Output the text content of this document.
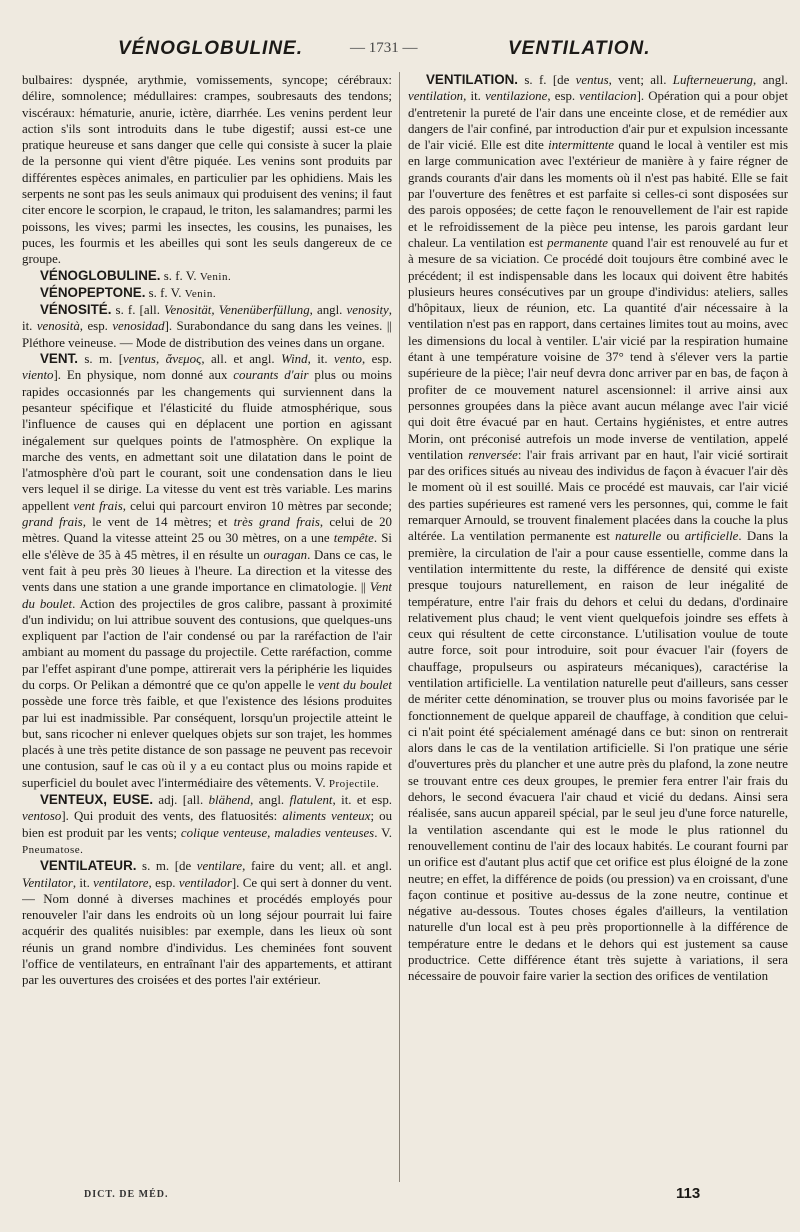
VÉNOGLOBULINE.	— 1731 —	VENTILATION.

bulbaires: dyspnée, arythmie, vomissements, syncope; cérébraux: délire, somnolence; médullaires: crampes, soubresauts des tendons; viscéraux: hématurie, anurie, ictère, diarrhée. Les venins perdent leur action s'ils sont introduits dans le tube digestif; aussi est-ce une pratique heureuse et sans danger que celle qui consiste à sucer la plaie de la personne qui vient d'être piquée. Les venins sont produits par différentes espèces animales, en particulier par les ophidiens. Mais les serpents ne sont pas les seuls animaux qui produisent des venins; il faut citer encore le scorpion, le crapaud, le triton, les salamandres; parmi les poissons, les vives; parmi les insectes, les cousins, les punaises, les puces, les fourmis et les abeilles qui sont les seuls dangereux de ce groupe.

VÉNOGLOBULINE. s. f. V. Venin.

VÉNOPEPTONE. s. f. V. Venin.

VÉNOSITÉ. s. f. [all. Venosität, Venenüberfüllung, angl. venosity, it. venosità, esp. venosidad]. Surabondance du sang dans les veines. || Pléthore veineuse. — Mode de distribution des veines dans un organe.

VENT. s. m. [ventus, ἄνεμος, all. et angl. Wind, it. vento, esp. viento]. En physique, nom donné aux courants d'air plus ou moins rapides occasionnés par les changements qui surviennent dans la pesanteur spécifique et l'élasticité du fluide atmosphérique, sous l'influence de causes qui en déplacent une portion en agissant inégalement sur quelques points de l'atmosphère. On explique la marche des vents, en admettant soit une dilatation dans le point de l'atmosphère d'où part le courant, soit une condensation dans le lieu vers lequel il se dirige. La vitesse du vent est très variable. Les marins appellent vent frais, celui qui parcourt environ 10 mètres par seconde; grand frais, le vent de 14 mètres; et très grand frais, celui de 20 mètres. Quand la vitesse atteint 25 ou 30 mètres, on a une tempête. Si elle s'élève de 35 à 45 mètres, il en résulte un ouragan. Dans ce cas, le vent fait à peu près 30 lieues à l'heure. La direction et la vitesse des vents dans une station a une grande importance en climatologie. || Vent du boulet. Action des projectiles de gros calibre, passant à proximité d'un individu; on lui attribue souvent des contusions, que quelques-uns expliquent par l'action de l'air condensé ou par la raréfaction de l'air ambiant au moment du passage du projectile. Cette raréfaction, comme par l'effet aspirant d'une pompe, attirerait vers la périphérie les liquides du corps. Or Pelikan a démontré que ce qu'on appelle le vent du boulet possède une force très faible, et que l'existence des lésions produites par lui est inadmissible. Par conséquent, lorsqu'un projectile atteint le but, sans ricocher ni enlever quelques objets sur son trajet, les hommes placés à une très petite distance de son passage ne peuvent pas recevoir une contusion, sauf le cas où il y a eu contact plus ou moins rapide et superficiel du boulet avec l'intermédiaire des vêtements. V. Projectile.

VENTEUX, EUSE. adj. [all. blähend, angl. flatulent, it. et esp. ventoso]. Qui produit des vents, des flatuosités: aliments venteux; ou bien est produit par les vents; colique venteuse, maladies venteuses. V. Pneumatose.

VENTILATEUR. s. m. [de ventilare, faire du vent; all. et angl. Ventilator, it. ventilatore, esp. ventilador]. Ce qui sert à donner du vent. — Nom donné à diverses machines et procédés employés pour renouveler l'air dans les endroits où un long séjour pourrait lui faire acquérir des qualités nuisibles: par exemple, dans les lieux où sont réunis un grand nombre d'individus. Les cheminées font souvent l'office de ventilateurs, en entraînant l'air des appartements, et attirant par les ouvertures des croisées et des portes l'air extérieur.

VENTILATION. s. f. [de ventus, vent; all. Lufterneuerung, angl. ventilation, it. ventilazione, esp. ventilacion]. Opération qui a pour objet d'entretenir la pureté de l'air dans une enceinte close, et de remédier aux dangers de l'air confiné, par introduction d'air pur et expulsion incessante de l'air vicié. Elle est dite intermittente quand le local à ventiler est mis en large communication avec l'extérieur de manière à y faire régner de grands courants d'air dans les moments où il n'est pas habité. Elle se fait par l'ouverture des fenêtres et est parfaite si celles-ci sont disposées sur des parois opposées; de cette façon le renouvellement de l'air est rapide et le refroidissement de la pièce peu intense, les parois gardant leur chaleur. La ventilation est permanente quand l'air est renouvelé au fur et à mesure de sa viciation. Ce procédé doit toujours être combiné avec le précédent; il est indispensable dans les locaux qui doivent être habités plusieurs heures consécutives par un groupe d'individus: ateliers, salles d'hôpitaux, lieux de réunion, etc. La quantité d'air nécessaire à la ventilation n'est pas en rapport, dans certaines limites tout au moins, avec les dimensions du local à ventiler. L'air vicié par la respiration humaine étant à une température voisine de 37° tend à s'élever vers la partie supérieure de la pièce; l'air neuf devra donc arriver par en bas, de façon à profiter de ce mouvement naturel ascensionnel: il arrive ainsi aux personnes groupées dans la pièce avant aucun mélange avec l'air vicié qui doit être évacué par en haut. Certains hygiénistes, et entre autres Morin, ont préconisé autrefois un mode inverse de ventilation, appelé ventilation renversée: l'air frais arrivant par en haut, l'air vicié sortirait par des orifices situés au niveau des individus de façon à évacuer l'air dès le moment où il est souillé. Mais ce procédé est mauvais, car l'air vicié des parties supérieures est ramené vers les personnes, qui, comme le fait remarquer Arnould, se trouvent finalement placées dans la couche la plus altérée. La ventilation permanente est naturelle ou artificielle. Dans la première, la circulation de l'air a pour cause essentielle, comme dans la ventilation intermittente du reste, la différence de densité qui existe presque toujours naturellement, en raison de leur inégalité de température, entre l'air frais du dehors et celui du dedans, d'ordinaire relativement plus chaud; le vent vient quelquefois joindre ses effets à ceux qui résultent de cette circonstance. L'utilisation voulue de toute autre force, soit pour introduire, soit pour évacuer l'air (foyers de chauffage, propulseurs ou aspirateurs mécaniques), caractérise la ventilation artificielle. La ventilation naturelle peut d'ailleurs, sans cesser de mériter cette dénomination, se trouver plus ou moins favorisée par le fonctionnement de quelque appareil de chauffage, à condition que celui-ci n'ait point été spécialement aménagé dans ce but: sinon on rentrerait alors dans le cas de la ventilation artificielle. Si l'on pratique une série d'ouvertures près du plancher et une autre près du plafond, la zone neutre se trouvant entre ces deux groupes, le premier fera entrer l'air frais du dehors, le second évacuera l'air chaud et vicié du dedans. Ainsi sera réalisée, sans aucun appareil spécial, par le seul jeu d'une force naturelle, la ventilation ascendante qui est le mode le plus rationnel du renouvellement continu de l'air des locaux habités. Le courant fourni par un orifice est d'autant plus actif que cet orifice est plus éloigné de la zone neutre; en effet, la différence de poids (ou pression) va en croissant, d'une façon continue et positive au-dessus de la zone neutre, continue et négative au-dessous. Toutes choses égales d'ailleurs, la ventilation naturelle d'un local est à peu près proportionnelle à la différence de température entre le dedans et le dehors qui est justement sa cause productrice. Cette différence étant très sujette à variations, il sera nécessaire de pouvoir faire varier la section des orifices de ventilation

DICT. DE MÉD.	113
